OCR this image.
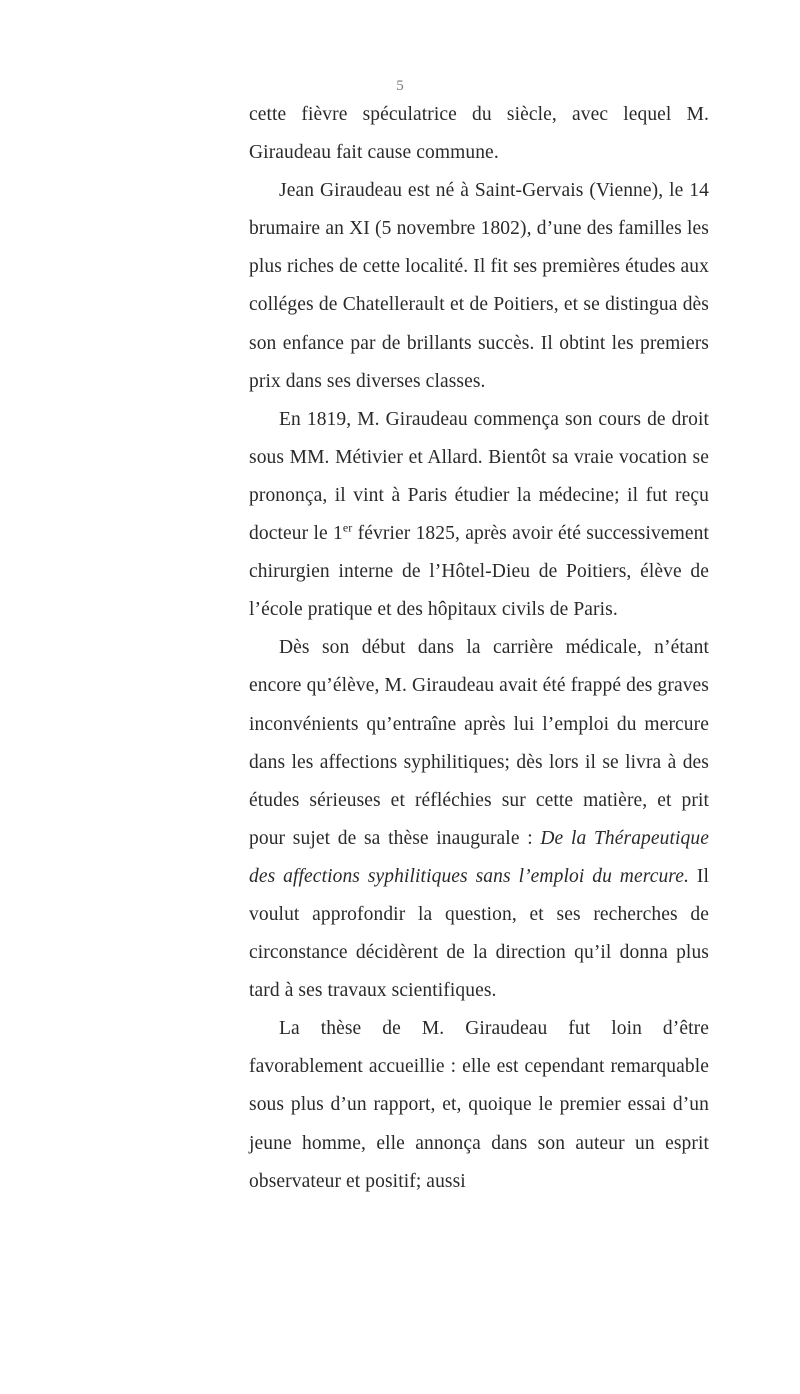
5

cette fièvre spéculatrice du siècle, avec lequel M. Giraudeau fait cause commune.

Jean Giraudeau est né à Saint-Gervais (Vienne), le 14 brumaire an XI (5 novembre 1802), d’une des familles les plus riches de cette localité. Il fit ses premières études aux colléges de Chatellerault et de Poitiers, et se distingua dès son enfance par de brillants succès. Il obtint les premiers prix dans ses diverses classes.

En 1819, M. Giraudeau commença son cours de droit sous MM. Métivier et Allard. Bientôt sa vraie vocation se prononça, il vint à Paris étudier la médecine; il fut reçu docteur le 1er février 1825, après avoir été successivement chirurgien interne de l’Hôtel-Dieu de Poitiers, élève de l’école pratique et des hôpitaux civils de Paris.

Dès son début dans la carrière médicale, n’étant encore qu’élève, M. Giraudeau avait été frappé des graves inconvénients qu’entraîne après lui l’emploi du mercure dans les affections syphilitiques; dès lors il se livra à des études sérieuses et réfléchies sur cette matière, et prit pour sujet de sa thèse inaugurale : De la Thérapeutique des affections syphilitiques sans l’emploi du mercure. Il voulut approfondir la question, et ses recherches de circonstance décidèrent de la direction qu’il donna plus tard à ses travaux scientifiques.

La thèse de M. Giraudeau fut loin d’être favorablement accueillie : elle est cependant remarquable sous plus d’un rapport, et, quoique le premier essai d’un jeune homme, elle annonça dans son auteur un esprit observateur et positif; aussi
